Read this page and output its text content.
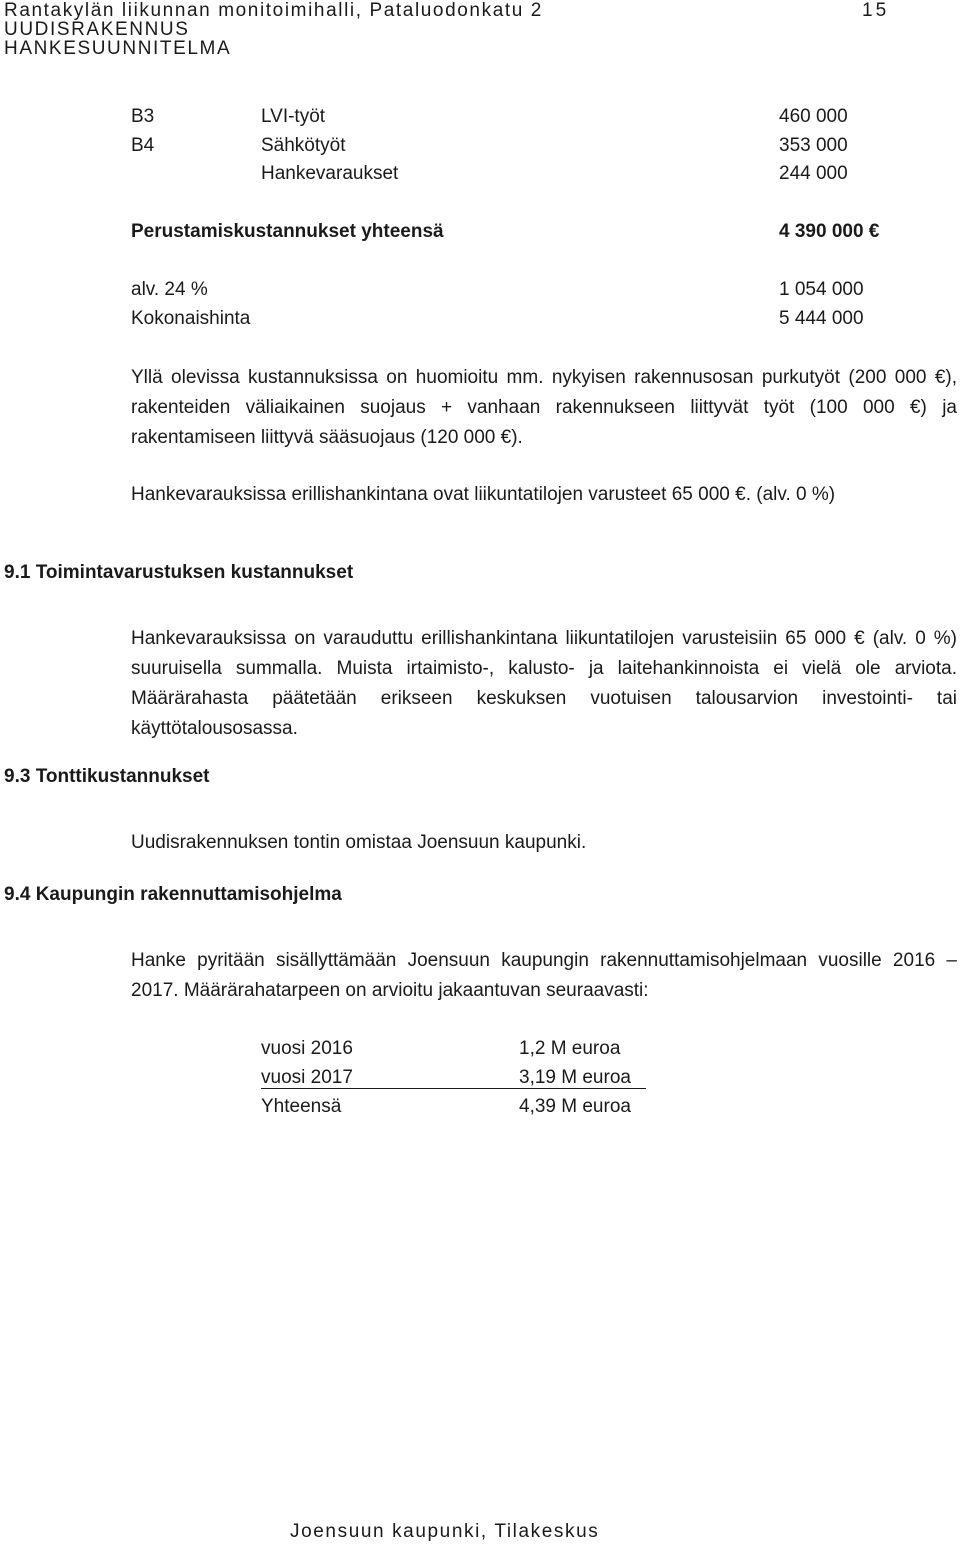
Rantakylän liikunnan monitoimihalli, Pataluodonkatu 2
UUDISRAKENNUS
HANKESUUNNITELMA
15
B3	LVI-työt	460 000
B4	Sähkötyöt	353 000
Hankevaraukset	244 000
Perustamiskustannukset yhteensä	4 390 000 €
alv. 24 %	1 054 000
Kokonaishinta	5 444 000
Yllä olevissa kustannuksissa on huomioitu mm. nykyisen rakennusosan purkutyöt (200 000 €), rakenteiden väliaikainen suojaus + vanhaan rakennukseen liittyvät työt (100 000 €) ja rakentamiseen liittyvä sääsuojaus (120 000 €).
Hankevarauksissa erillishankintana ovat liikuntatilojen varusteet 65 000 €. (alv. 0 %)
9.1 Toimintavarustuksen kustannukset
Hankevarauksissa on varauduttu erillishankintana liikuntatilojen varusteisiin 65 000 € (alv. 0 %) suuruisella summalla. Muista irtaimisto-, kalusto- ja laitehankinnoista ei vielä ole arviota. Määrärahasta päätetään erikseen keskuksen vuotuisen talousarvion investointi- tai käyttötalousosassa.
9.3 Tonttikustannukset
Uudisrakennuksen tontin omistaa Joensuun kaupunki.
9.4 Kaupungin rakennuttamisohjelma
Hanke pyritään sisällyttämään Joensuun kaupungin rakennuttamisohjelmaan vuosille 2016 – 2017. Määrärahatarpeen on arvioitu jakaantuvan seuraavasti:
vuosi 2016	1,2 M euroa
vuosi 2017	3,19 M euroa
Yhteensä	4,39 M euroa
Joensuun kaupunki, Tilakeskus
